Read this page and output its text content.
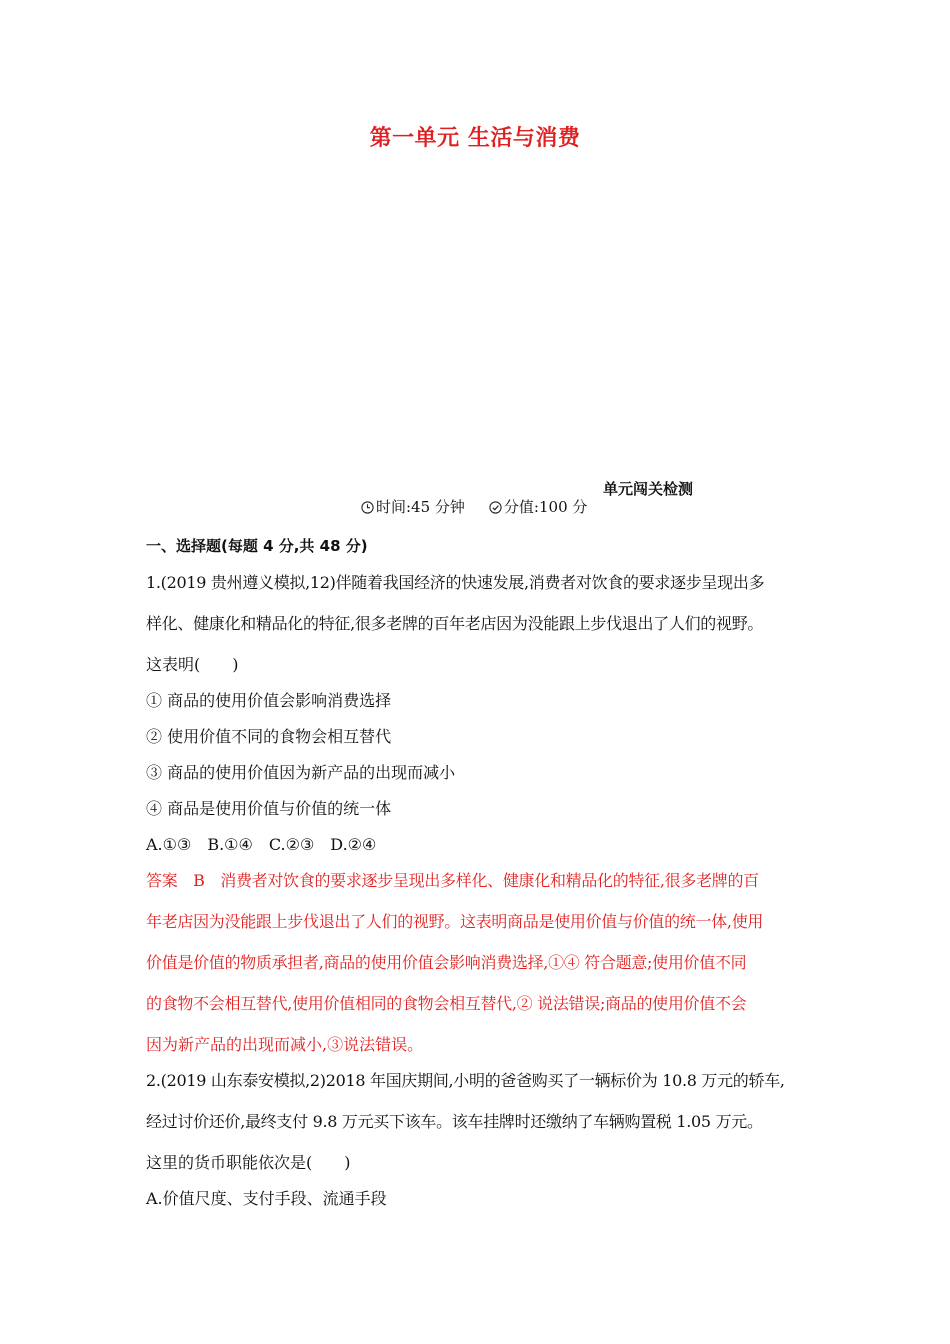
第一单元 生活与消费
单元闯关检测
时间:45 分钟	分值:100 分
一、选择题(每题 4 分,共 48 分)
1.(2019 贵州遵义模拟,12)伴随着我国经济的快速发展,消费者对饮食的要求逐步呈现出多
样化、健康化和精品化的特征,很多老牌的百年老店因为没能跟上步伐退出了人们的视野。
这表明(　　)
① 商品的使用价值会影响消费选择
② 使用价值不同的食物会相互替代
③ 商品的使用价值因为新产品的出现而减小
④ 商品是使用价值与价值的统一体
A.①③　B.①④　C.②③　D.②④
答案　B　消费者对饮食的要求逐步呈现出多样化、健康化和精品化的特征,很多老牌的百
年老店因为没能跟上步伐退出了人们的视野。这表明商品是使用价值与价值的统一体,使用
价值是价值的物质承担者,商品的使用价值会影响消费选择,①④ 符合题意;使用价值不同
的食物不会相互替代,使用价值相同的食物会相互替代,② 说法错误;商品的使用价值不会
因为新产品的出现而减小,③说法错误。
2.(2019 山东泰安模拟,2)2018 年国庆期间,小明的爸爸购买了一辆标价为 10.8 万元的轿车,
经过讨价还价,最终支付 9.8 万元买下该车。该车挂牌时还缴纳了车辆购置税 1.05 万元。
这里的货币职能依次是(　　)
A.价值尺度、支付手段、流通手段
